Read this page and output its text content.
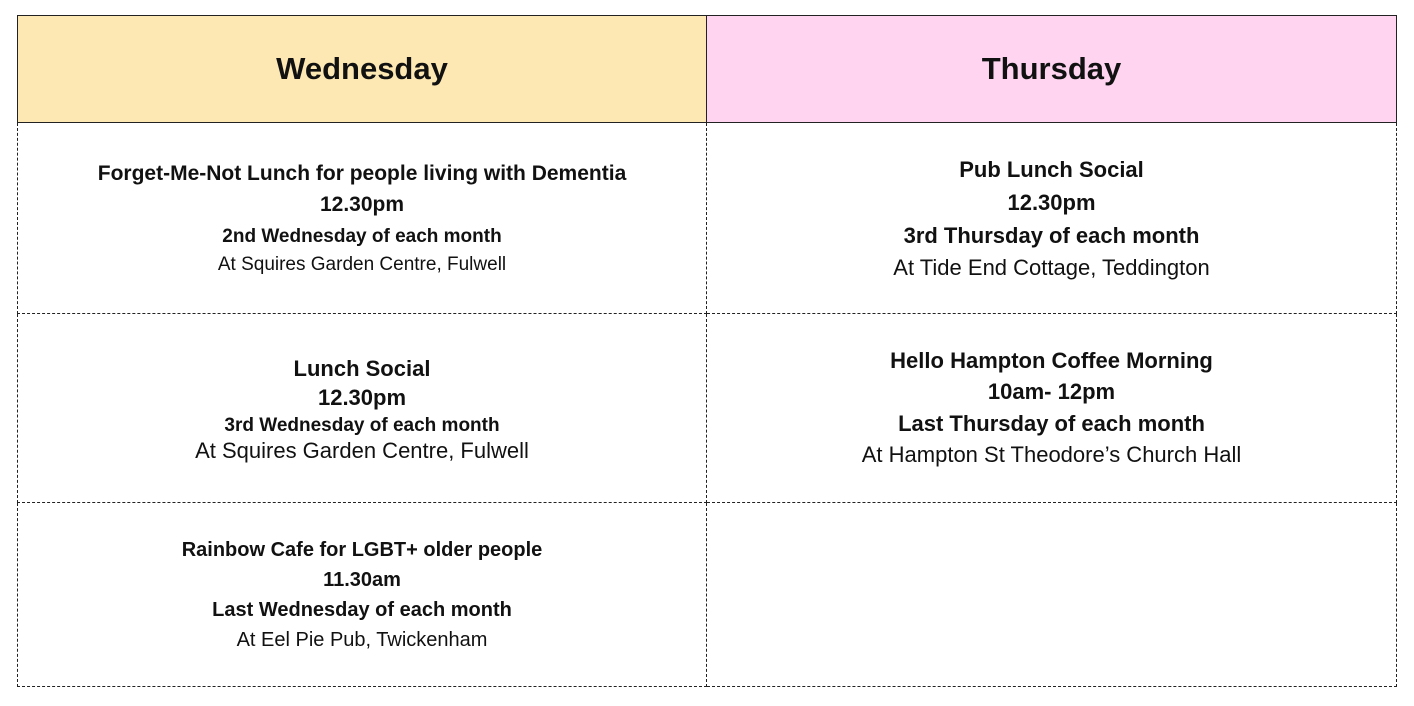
Wednesday	Thursday
Forget-Me-Not Lunch for people living with Dementia
12.30pm
2nd Wednesday of each month
At Squires Garden Centre, Fulwell
Pub Lunch Social
12.30pm
3rd Thursday of each month
At Tide End Cottage, Teddington
Lunch Social
12.30pm
3rd Wednesday of each month
At Squires Garden Centre, Fulwell
Hello Hampton Coffee Morning
10am- 12pm
Last Thursday of each month
At Hampton St Theodore’s Church Hall
Rainbow Cafe for LGBT+ older people
11.30am
Last Wednesday of each month
At Eel Pie Pub, Twickenham
